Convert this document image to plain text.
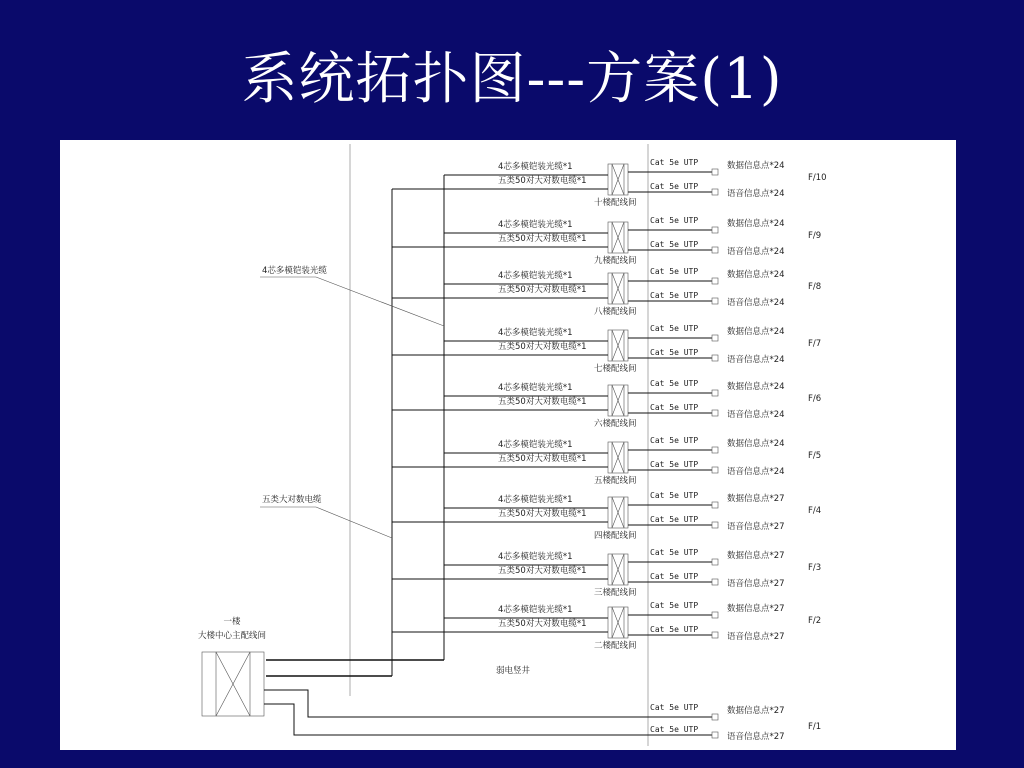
系统拓扑图---方案(1)
4芯多模铠装光缆*1
五类50对大对数电缆*1
十楼配线间
Cat 5e UTP
Cat 5e UTP
数据信息点*24
语音信息点*24
F/10
4芯多模铠装光缆*1
五类50对大对数电缆*1
九楼配线间
Cat 5e UTP
Cat 5e UTP
数据信息点*24
语音信息点*24
F/9
4芯多模铠装光缆*1
五类50对大对数电缆*1
八楼配线间
Cat 5e UTP
Cat 5e UTP
数据信息点*24
语音信息点*24
F/8
4芯多模铠装光缆*1
五类50对大对数电缆*1
七楼配线间
Cat 5e UTP
Cat 5e UTP
数据信息点*24
语音信息点*24
F/7
4芯多模铠装光缆*1
五类50对大对数电缆*1
六楼配线间
Cat 5e UTP
Cat 5e UTP
数据信息点*24
语音信息点*24
F/6
4芯多模铠装光缆*1
五类50对大对数电缆*1
五楼配线间
Cat 5e UTP
Cat 5e UTP
数据信息点*24
语音信息点*24
F/5
4芯多模铠装光缆*1
五类50对大对数电缆*1
四楼配线间
Cat 5e UTP
Cat 5e UTP
数据信息点*27
语音信息点*27
F/4
4芯多模铠装光缆*1
五类50对大对数电缆*1
三楼配线间
Cat 5e UTP
Cat 5e UTP
数据信息点*27
语音信息点*27
F/3
4芯多模铠装光缆*1
五类50对大对数电缆*1
二楼配线间
Cat 5e UTP
Cat 5e UTP
数据信息点*27
语音信息点*27
F/2
4芯多模铠装光缆
五类大对数电缆
一楼
大楼中心主配线间
弱电竖井
Cat 5e UTP
Cat 5e UTP
数据信息点*27
语音信息点*27
F/1
